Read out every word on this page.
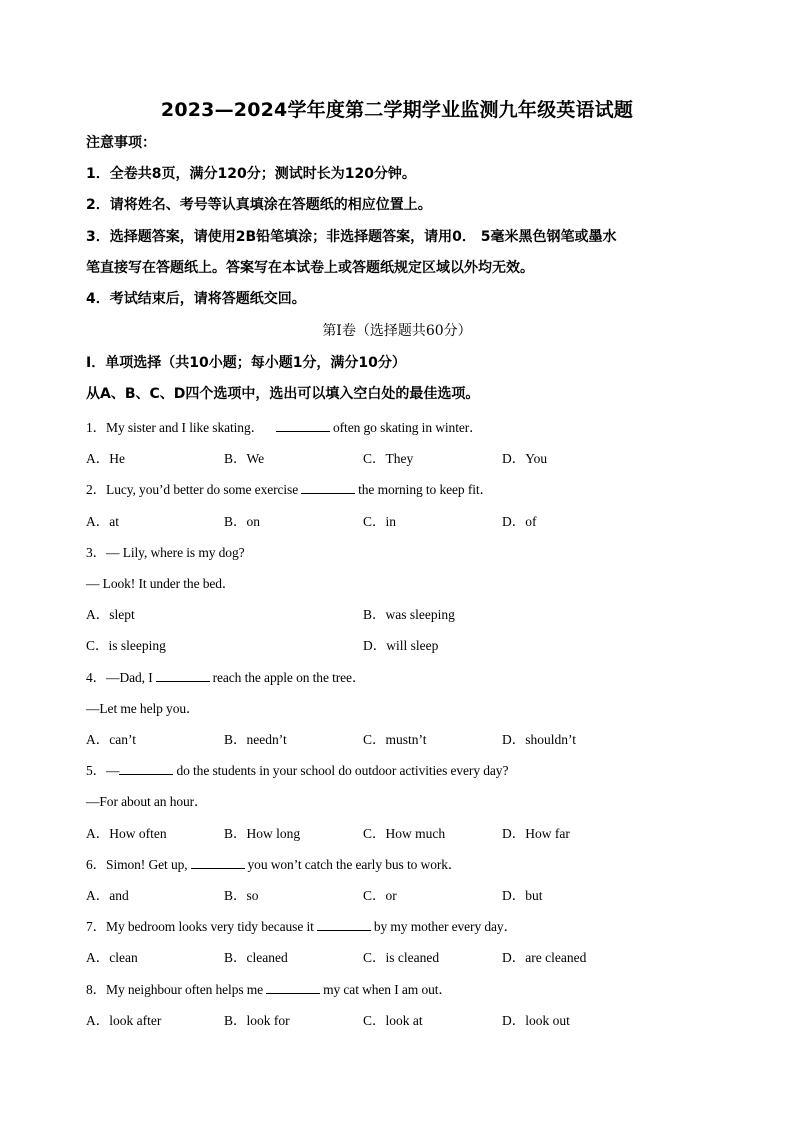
2023—2024学年度第二学期学业监测九年级英语试题
注意事项：
1．全卷共8页，满分120分；测试时长为120分钟。
2．请将姓名、考号等认真填涂在答题纸的相应位置上。
3．选择题答案，请使用2B铅笔填涂；非选择题答案，请用0． 5毫米黑色钢笔或墨水
笔直接写在答题纸上。答案写在本试卷上或答题纸规定区域以外均无效。
4．考试结束后，请将答题纸交回。
第Ⅰ卷（选择题共60分）
Ⅰ．单项选择（共10小题；每小题1分，满分10分）
从A、B、C、D四个选项中，选出可以填入空白处的最佳选项。
1．My sister and I like skating．	often go skating in winter．
A．He	B．We	C．They	D．You
2．Lucy, you’d better do some exercise	the morning to keep fit．
A．at	B．on	C．in	D．of
3．— Lily, where is my dog?
— Look! It under the bed．
A．slept	B．was sleeping
C．is sleeping	D．will sleep
4．—Dad, I	reach the apple on the tree．
—Let me help you．
A．can’t	B．needn’t	C．mustn’t	D．shouldn’t
5．—	do the students in your school do outdoor activities every day?
—For about an hour．
A．How often	B．How long	C．How much	D．How far
6．Simon! Get up,	you won’t catch the early bus to work．
A．and	B．so	C．or	D．but
7．My bedroom looks very tidy because it	by my mother every day．
A．clean	B．cleaned	C．is cleaned	D．are cleaned
8．My neighbour often helps me	my cat when I am out．
A．look after	B．look for	C．look at	D．look out
